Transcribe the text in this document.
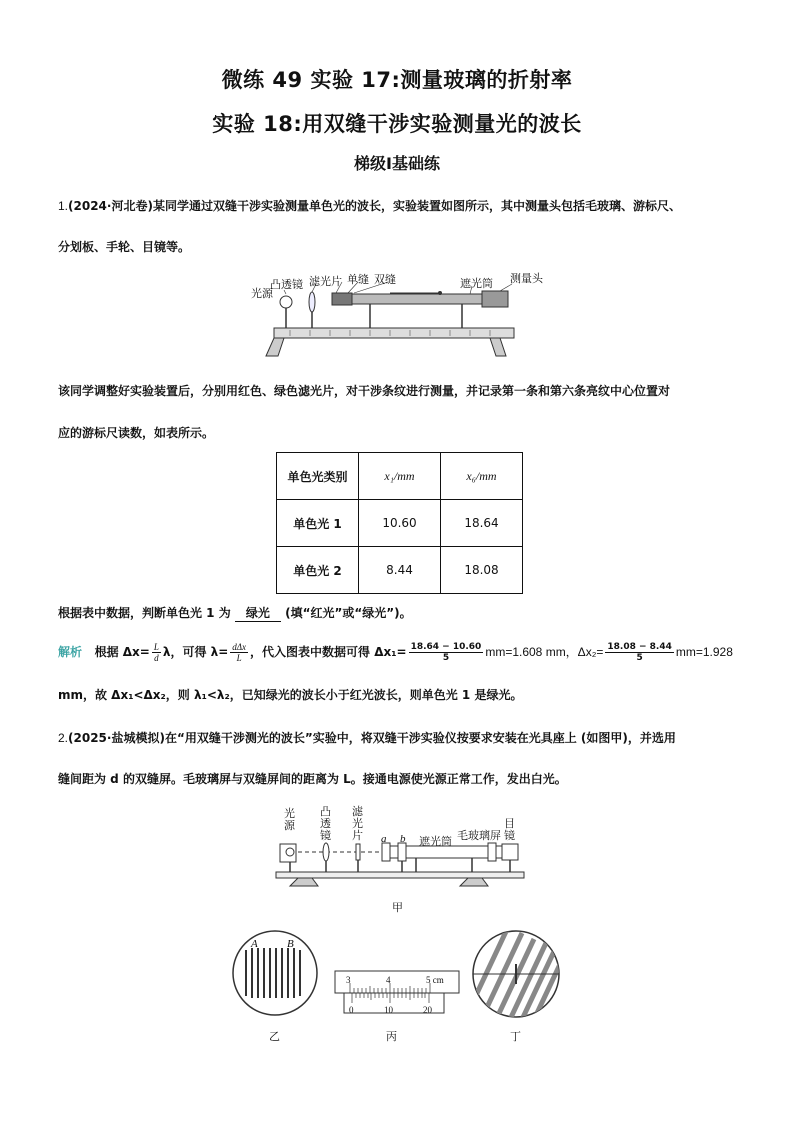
微练 49 实验 17:测量玻璃的折射率
实验 18:用双缝干涉实验测量光的波长
梯级Ⅰ基础练
1.(2024·河北卷)某同学通过双缝干涉实验测量单色光的波长，实验装置如图所示，其中测量头包括毛玻璃、游标尺、
分划板、手轮、目镜等。
光源
凸透镜 滤光片 单缝 双缝	遮光筒 测量头
该同学调整好实验装置后，分别用红色、绿色滤光片，对干涉条纹进行测量，并记录第一条和第六条亮纹中心位置对
应的游标尺读数，如表所示。
单色光类别	x₁/mm	x₆/mm
单色光 1	10.60	18.64
单色光 2	8.44	18.08
根据表中数据，判断单色光 1 为 绿光 (填“红光”或“绿光”)。
解析 根据 $\Delta x= \frac{L}{d}$ λ，可得 $\lambda= \frac{\text{dΔx}}{L}$ ，代入图表中数据可得 $\Delta x_1= \frac{18.64 - 10.60}{5} mm=1.608$ mm，$\Delta x_2= \frac{18.08 - 8.44}{5} mm=1.928$
mm，故 Δx₁<Δx₂，则 λ₁<λ₂，已知绿光的波长小于红光波长，则单色光 1 是绿光。
2.(2025·盐城模拟)在“用双缝干涉测光的波长”实验中，将双缝干涉实验仪按要求安装在光具座上 (如图甲)，并选用
缝间距为 d 的双缝屏。毛玻璃屏与双缝屏间的距离为 L。接通电源使光源正常工作，发出白光。
光源
凸透镜
滤光片 a b 遮光筒 毛玻璃屏
目镜
甲
A	B
乙
3	4	5 cm
0	10	20
丙	丁
